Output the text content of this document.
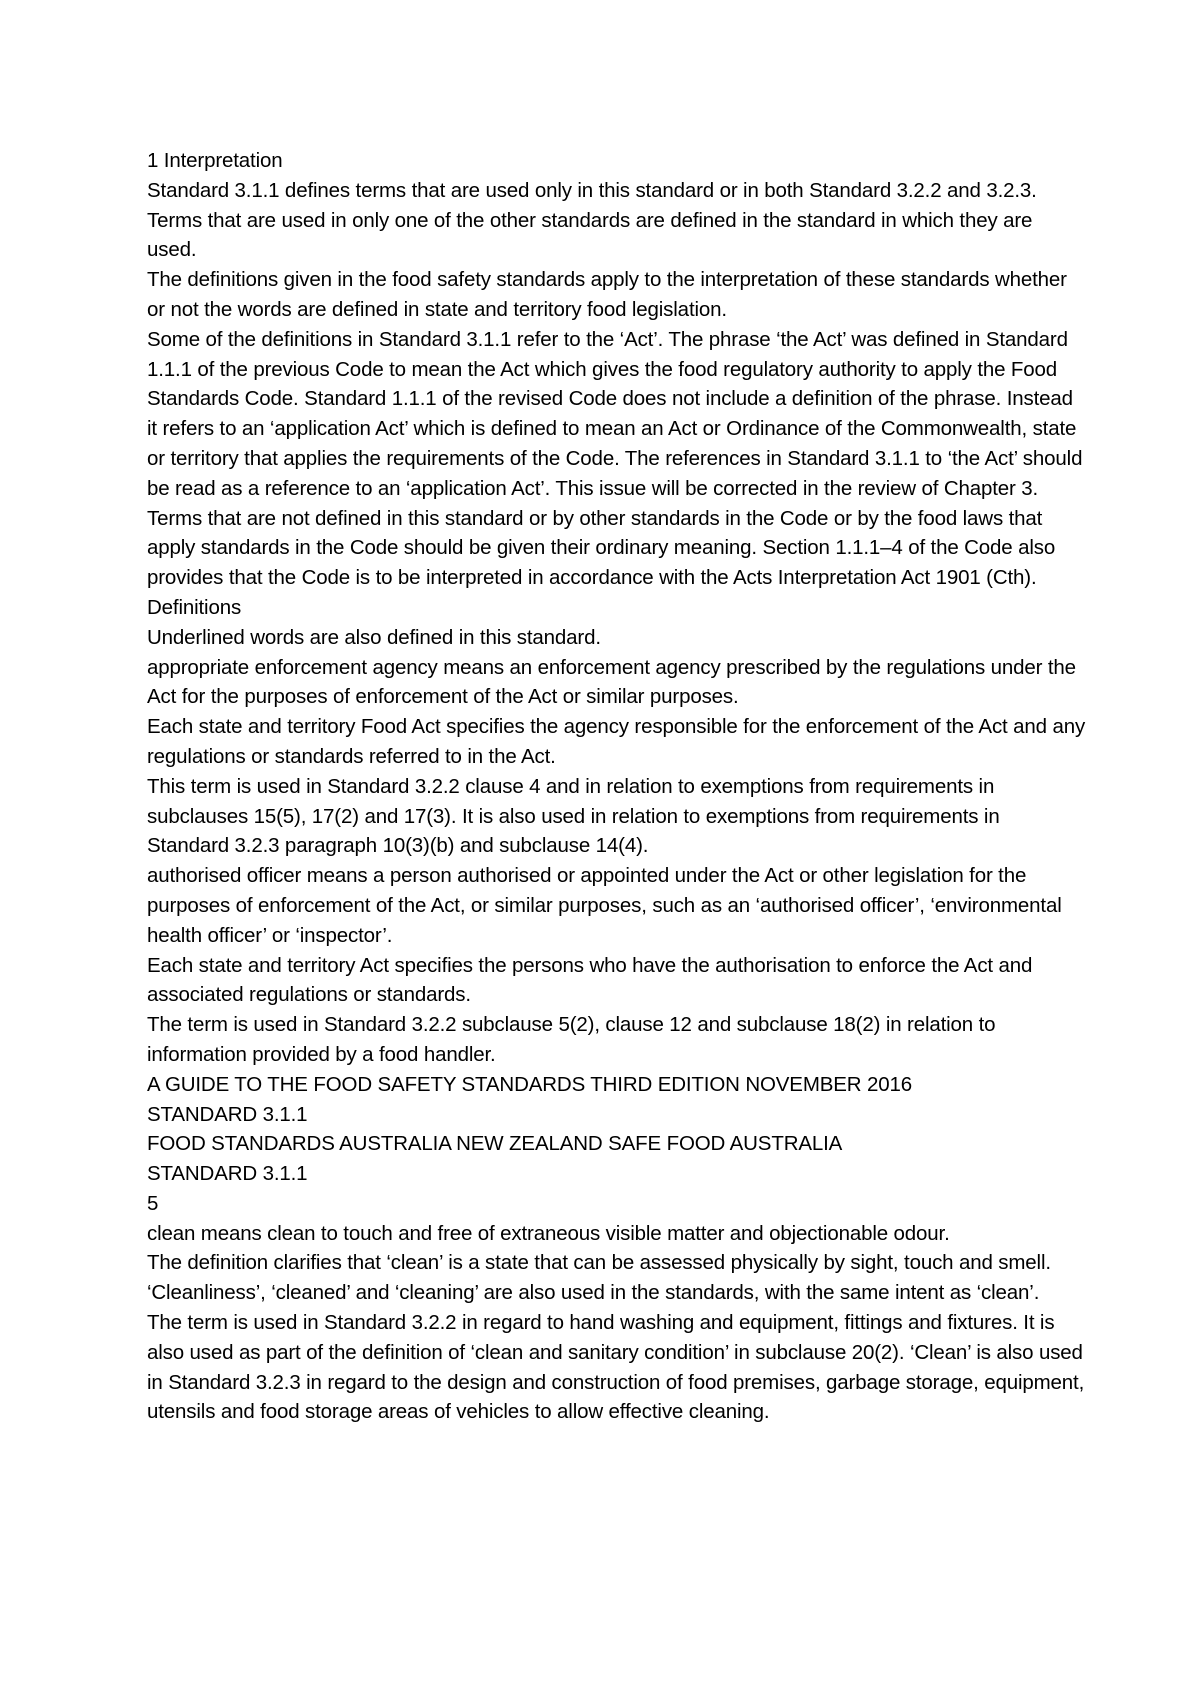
1 Interpretation

Standard 3.1.1 defines terms that are used only in this standard or in both Standard 3.2.2 and 3.2.3. Terms that are used in only one of the other standards are defined in the standard in which they are used.

The definitions given in the food safety standards apply to the interpretation of these standards whether or not the words are defined in state and territory food legislation.

Some of the definitions in Standard 3.1.1 refer to the ‘Act’. The phrase ‘the Act’ was defined in Standard 1.1.1 of the previous Code to mean the Act which gives the food regulatory authority to apply the Food Standards Code. Standard 1.1.1 of the revised Code does not include a definition of the phrase. Instead it refers to an ‘application Act’ which is defined to mean an Act or Ordinance of the Commonwealth, state or territory that applies the requirements of the Code. The references in Standard 3.1.1 to ‘the Act’ should be read as a reference to an ‘application Act’. This issue will be corrected in the review of Chapter 3.

Terms that are not defined in this standard or by other standards in the Code or by the food laws that apply standards in the Code should be given their ordinary meaning. Section 1.1.1–4 of the Code also provides that the Code is to be interpreted in accordance with the Acts Interpretation Act 1901 (Cth).

Definitions

Underlined words are also defined in this standard.

appropriate enforcement agency means an enforcement agency prescribed by the regulations under the Act for the purposes of enforcement of the Act or similar purposes.

Each state and territory Food Act specifies the agency responsible for the enforcement of the Act and any regulations or standards referred to in the Act.

This term is used in Standard 3.2.2 clause 4 and in relation to exemptions from requirements in subclauses 15(5), 17(2) and 17(3). It is also used in relation to exemptions from requirements in Standard 3.2.3 paragraph 10(3)(b) and subclause 14(4).

authorised officer means a person authorised or appointed under the Act or other legislation for the purposes of enforcement of the Act, or similar purposes, such as an ‘authorised officer’, ‘environmental health officer’ or ‘inspector’.

Each state and territory Act specifies the persons who have the authorisation to enforce the Act and associated regulations or standards.

The term is used in Standard 3.2.2 subclause 5(2), clause 12 and subclause 18(2) in relation to information provided by a food handler.

A GUIDE TO THE FOOD SAFETY STANDARDS THIRD EDITION NOVEMBER 2016

STANDARD 3.1.1

FOOD STANDARDS AUSTRALIA NEW ZEALAND SAFE FOOD AUSTRALIA

STANDARD 3.1.1

5

clean means clean to touch and free of extraneous visible matter and objectionable odour.

The definition clarifies that ‘clean’ is a state that can be assessed physically by sight, touch and smell. ‘Cleanliness’, ‘cleaned’ and ‘cleaning’ are also used in the standards, with the same intent as ‘clean’.

The term is used in Standard 3.2.2 in regard to hand washing and equipment, fittings and fixtures. It is also used as part of the definition of ‘clean and sanitary condition’ in subclause 20(2). ‘Clean’ is also used in Standard 3.2.3 in regard to the design and construction of food premises, garbage storage, equipment, utensils and food storage areas of vehicles to allow effective cleaning.
